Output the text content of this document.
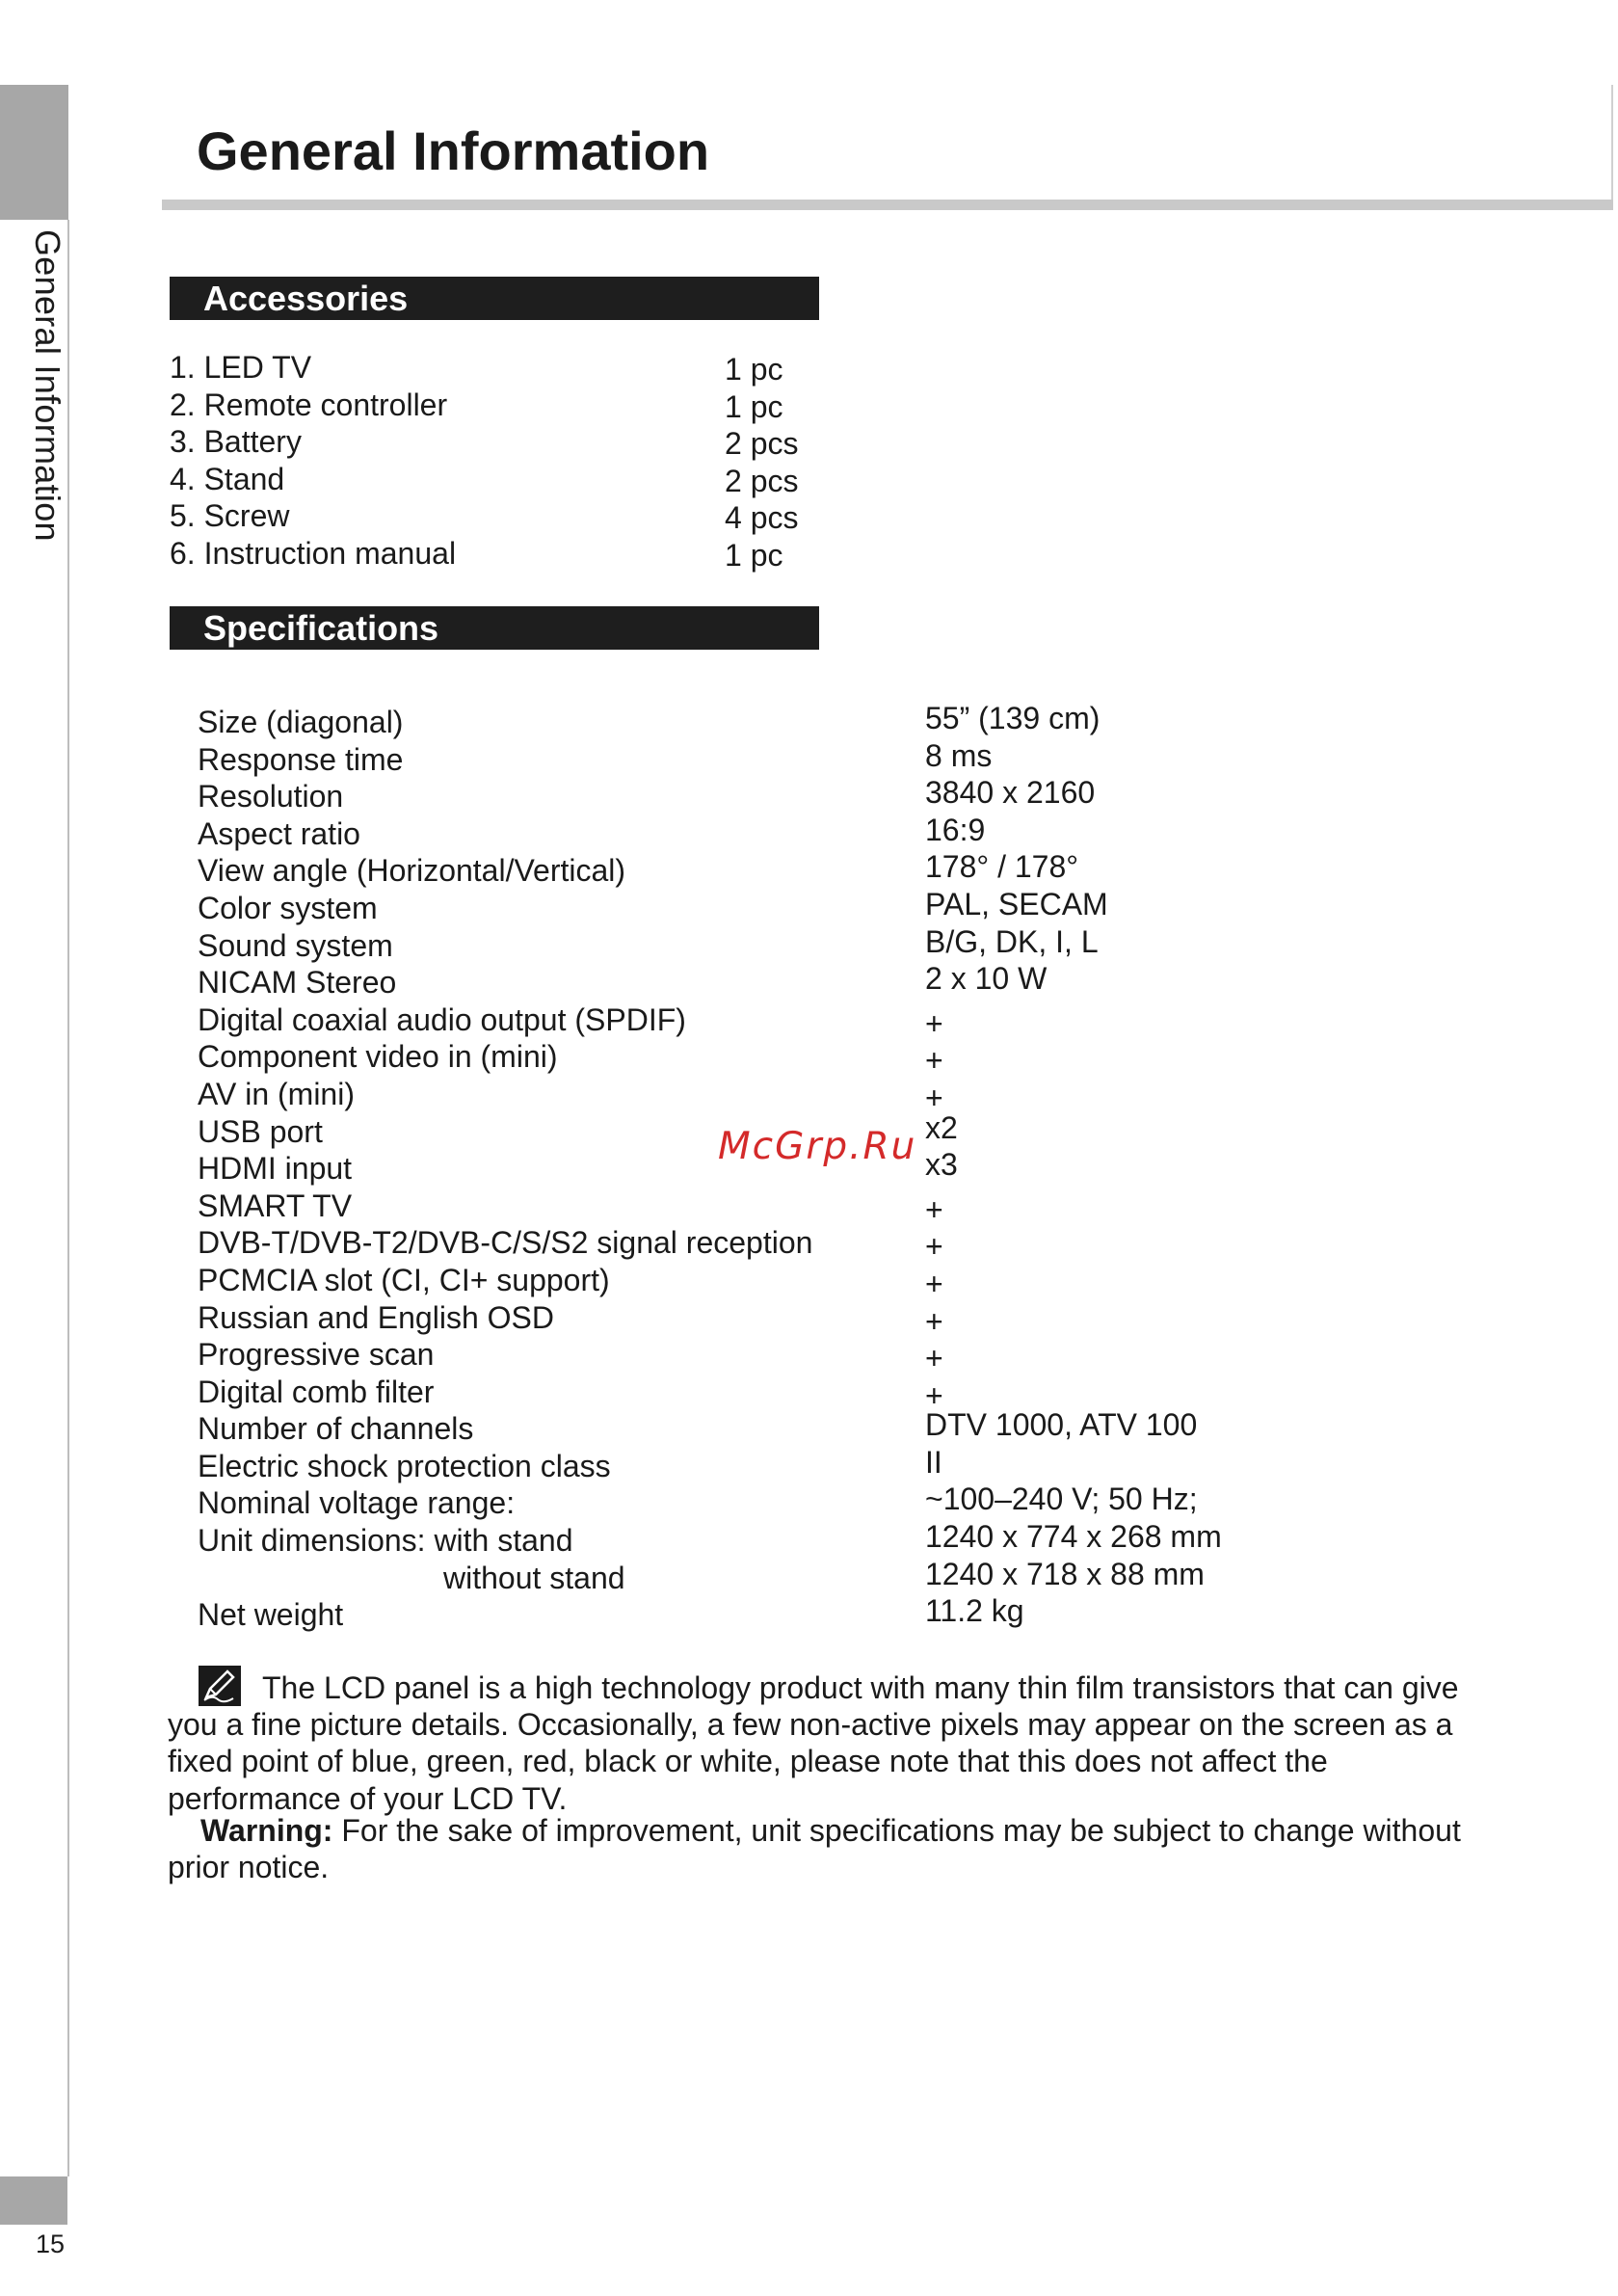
General Information
15
General Information
Accessories
1. LED TV	1 pc
2. Remote controller	1 pc
3. Battery	2 pcs
4. Stand	2 pcs
5. Screw	4 pcs
6. Instruction manual	1 pc
Specifications
Size (diagonal)	55” (139 cm)
Response time	8 ms
Resolution	3840 x 2160
Aspect ratio	16:9
View angle (Horizontal/Vertical)	178° / 178°
Color system	PAL, SECAM
Sound system	B/G, DK, I, L
NICAM Stereo	2 x 10 W
Digital coaxial audio output (SPDIF)	+
Component video in (mini)	+
AV in (mini)	+
USB port	x2
HDMI input	x3
SMART TV	+
DVB-T/DVB-T2/DVB-C/S/S2 signal reception	+
PCMCIA slot (CI, CI+ support)	+
Russian and English OSD	+
Progressive scan	+
Digital comb filter	+
Number of channels	DTV 1000, ATV 100
Electric shock protection class	II
Nominal voltage range:	~100–240 V; 50 Hz;
Unit dimensions: with stand	1240 x 774 x 268 mm
without stand	1240 x 718 x 88 mm
Net weight	11.2 kg
McGrp.Ru

The LCD panel is a high technology product with many thin film transistors that can give you a fine picture details. Occasionally, a few non-active pixels may appear on the screen as a fixed point of blue, green, red, black or white, please note that this does not affect the performance of your LCD TV.

Warning: For the sake of improvement, unit specifications may be subject to change without prior notice.
